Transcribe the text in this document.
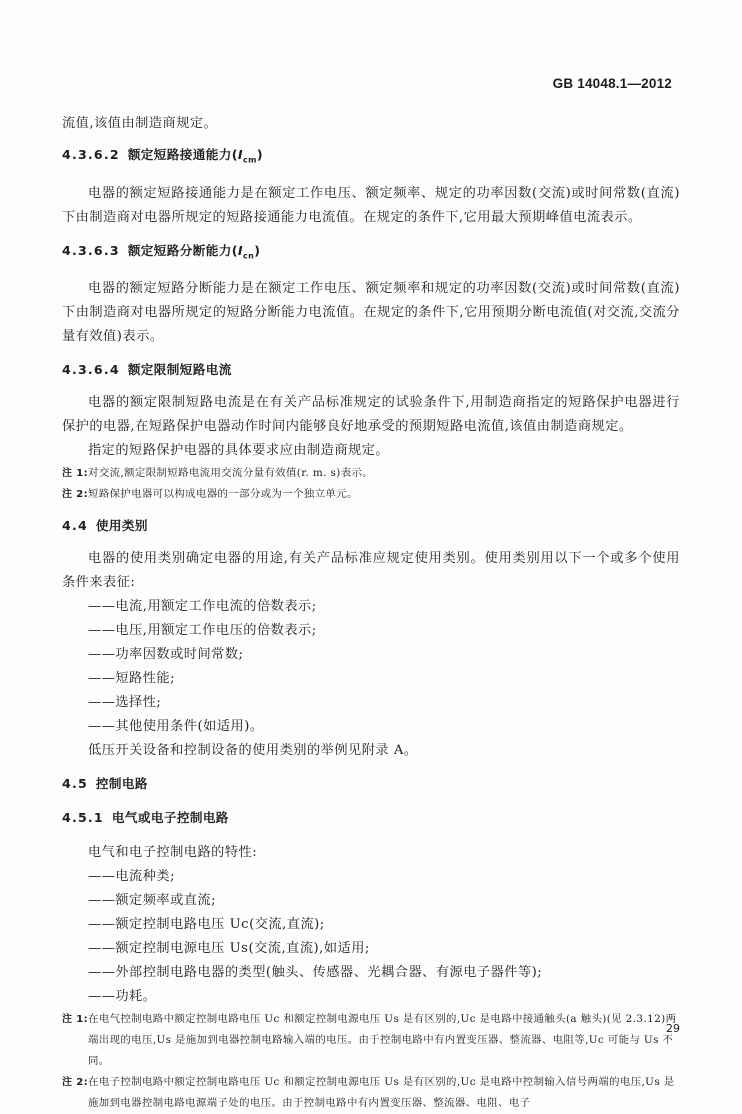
GB 14048.1—2012

流值,该值由制造商规定。

4.3.6.2 额定短路接通能力$(I_{cm})$

电器的额定短路接通能力是在额定工作电压、额定频率、规定的功率因数(交流)或时间常数(直流)下由制造商对电器所规定的短路接通能力电流值。在规定的条件下,它用最大预期峰值电流表示。

4.3.6.3 额定短路分断能力$(I_{cn})$

电器的额定短路分断能力是在额定工作电压、额定频率和规定的功率因数(交流)或时间常数(直流)下由制造商对电器所规定的短路分断能力电流值。在规定的条件下,它用预期分断电流值(对交流,交流分量有效值)表示。

4.3.6.4 额定限制短路电流

电器的额定限制短路电流是在有关产品标准规定的试验条件下,用制造商指定的短路保护电器进行保护的电器,在短路保护电器动作时间内能够良好地承受的预期短路电流值,该值由制造商规定。

指定的短路保护电器的具体要求应由制造商规定。

注 1:对交流,额定限制短路电流用交流分量有效值(r. m. s)表示。

注 2:短路保护电器可以构成电器的一部分或为一个独立单元。

4.4 使用类别

电器的使用类别确定电器的用途,有关产品标准应规定使用类别。使用类别用以下一个或多个使用条件来表征:

——电流,用额定工作电流的倍数表示;

——电压,用额定工作电压的倍数表示;

——功率因数或时间常数;

——短路性能;

——选择性;

——其他使用条件(如适用)。

低压开关设备和控制设备的使用类别的举例见附录 A。

4.5 控制电路
4.5.1 电气或电子控制电路

电气和电子控制电路的特性:

——电流种类;

——额定频率或直流;

——额定控制电路电压 Uc(交流,直流);

——额定控制电源电压 Us(交流,直流),如适用;

——外部控制电路电器的类型(触头、传感器、光耦合器、有源电子器件等);

——功耗。

注 1:在电气控制电路中额定控制电路电压 Uc 和额定控制电源电压 Us 是有区别的,Uc 是电路中接通触头(a 触头)(见 2.3.12)两端出现的电压,Us 是施加到电器控制电路输入端的电压。由于控制电路中有内置变压器、整流器、电阻等,Uc 可能与 Us 不同。

注 2:在电子控制电路中额定控制电路电压 Uc 和额定控制电源电压 Us 是有区别的,Uc 是电路中控制输入信号两端的电压,Us 是施加到电器控制电路电源端子处的电压。由于控制电路中有内置变压器、整流器、电阻、电子

29
